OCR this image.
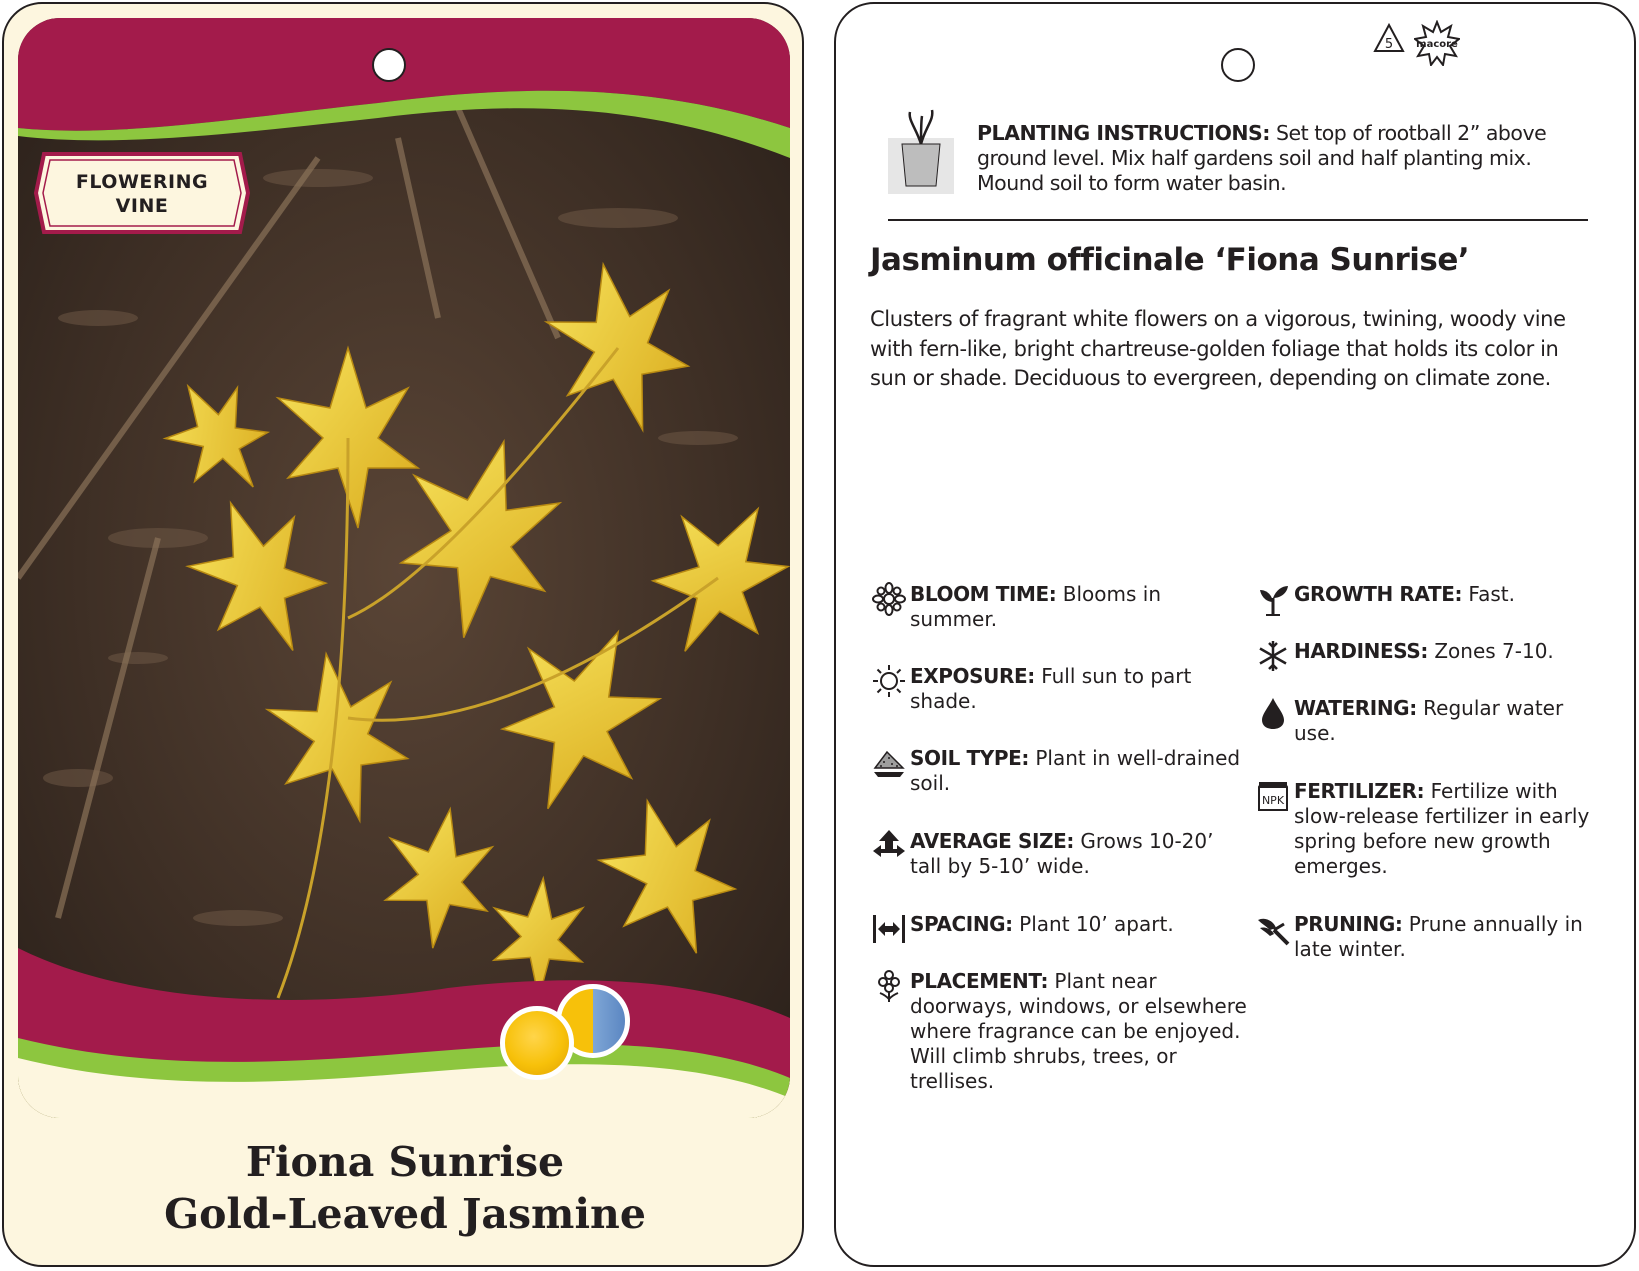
FLOWERING
VINE
Fiona Sunrise
Gold-Leaved Jasmine
5 macore
PLANTING INSTRUCTIONS: Set top of rootball 2” above ground level. Mix half gardens soil and half planting mix. Mound soil to form water basin.
Jasminum officinale ‘Fiona Sunrise’
Clusters of fragrant white flowers on a vigorous, twining, woody vine with fern-like, bright chartreuse-golden foliage that holds its color in sun or shade. Deciduous to evergreen, depending on climate zone.
BLOOM TIME: Blooms in summer.
EXPOSURE: Full sun to part shade.
SOIL TYPE: Plant in well-drained soil.
AVERAGE SIZE: Grows 10-20’ tall by 5-10’ wide.
SPACING: Plant 10’ apart.
PLACEMENT: Plant near doorways, windows, or elsewhere where fragrance can be enjoyed. Will climb shrubs, trees, or trellises.
GROWTH RATE: Fast.
HARDINESS: Zones 7-10.
WATERING: Regular water use.
NPK FERTILIZER: Fertilize with slow-release fertilizer in early spring before new growth emerges.
PRUNING: Prune annually in late winter.
